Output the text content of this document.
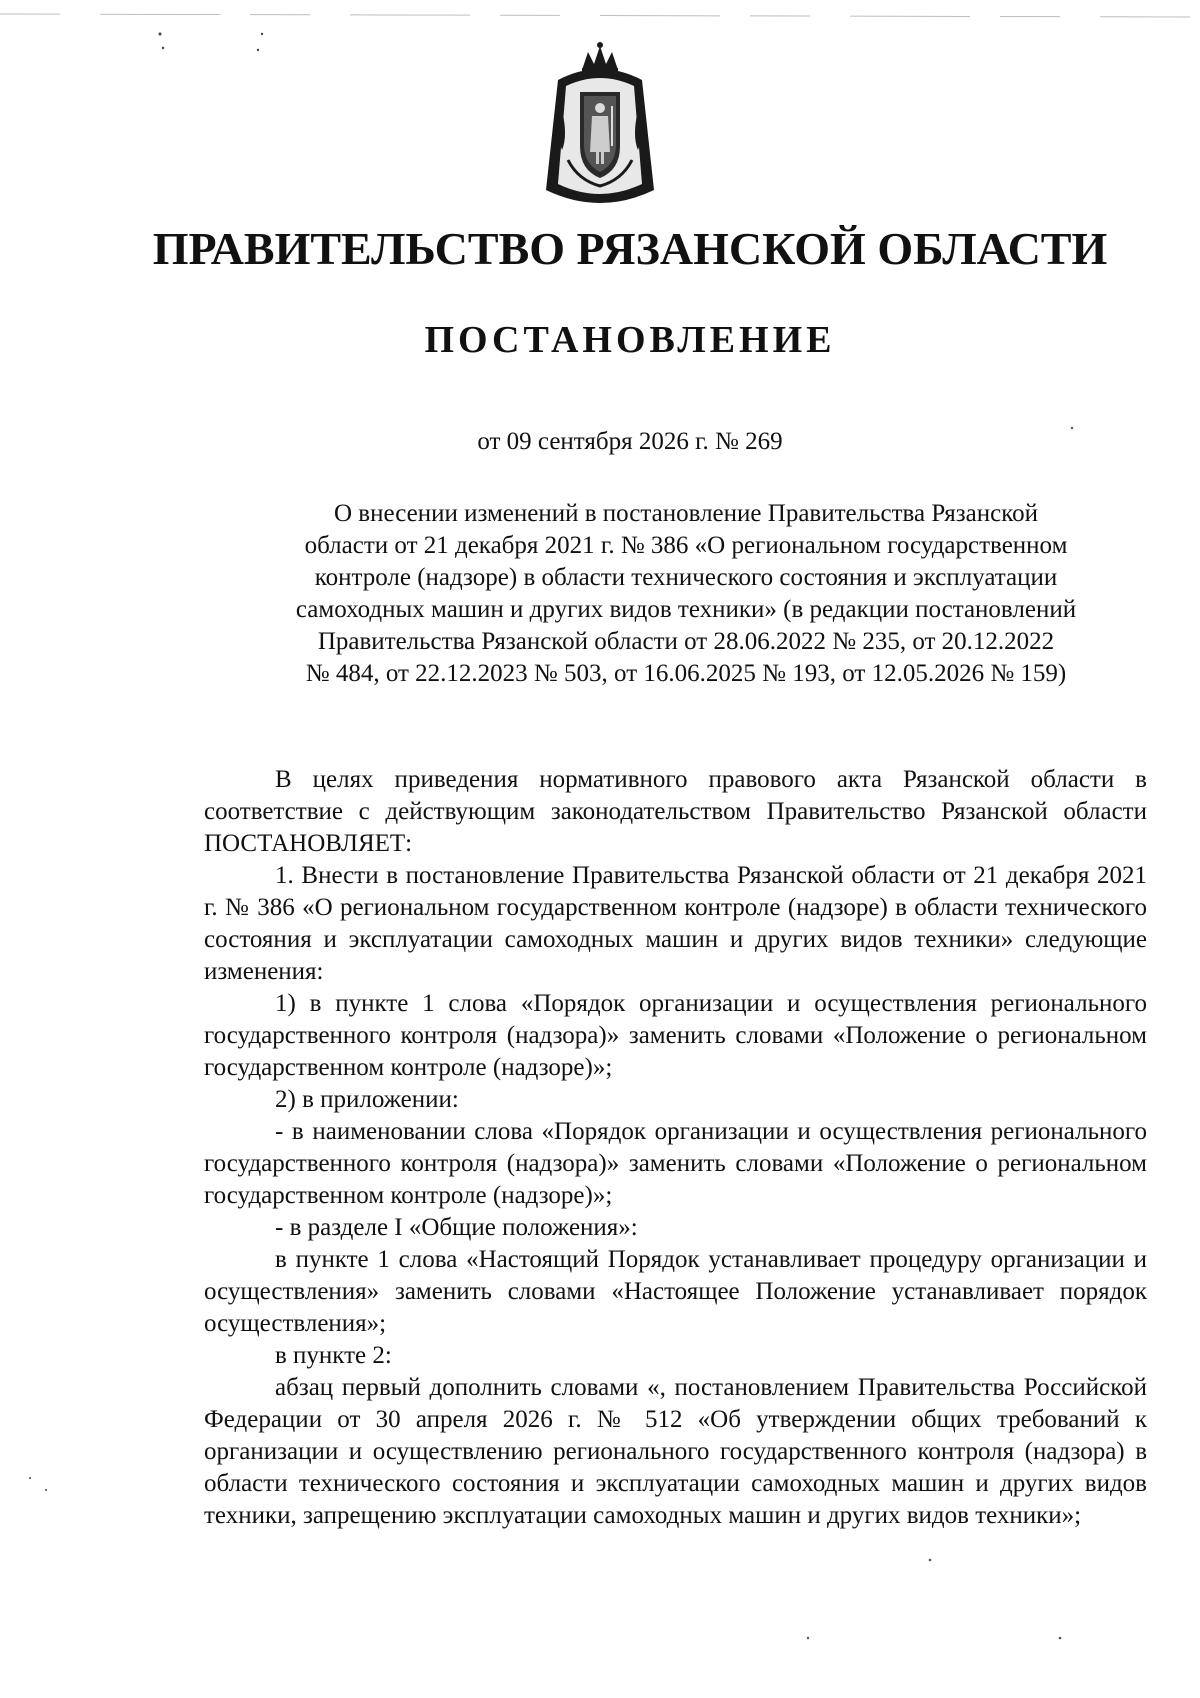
ПРАВИТЕЛЬСТВО РЯЗАНСКОЙ ОБЛАСТИ
ПОСТАНОВЛЕНИЕ
от 09 сентября 2026 г. № 269
О внесении изменений в постановление Правительства Рязанской
области от 21 декабря 2021 г. № 386 «О региональном государственном
контроле (надзоре) в области технического состояния и эксплуатации
самоходных машин и других видов техники» (в редакции постановлений
Правительства Рязанской области от 28.06.2022 № 235, от 20.12.2022
№ 484, от 22.12.2023 № 503, от 16.06.2025 № 193, от 12.05.2026 № 159)

В целях приведения нормативного правового акта Рязанской области в соответствие с действующим законодательством Правительство Рязанской области ПОСТАНОВЛЯЕТ:

1. Внести в постановление Правительства Рязанской области от 21 декабря 2021 г. № 386 «О региональном государственном контроле (надзоре) в области технического состояния и эксплуатации самоходных машин и других видов техники» следующие изменения:

1) в пункте 1 слова «Порядок организации и осуществления регионального государственного контроля (надзора)» заменить словами «Положение о региональном государственном контроле (надзоре)»;

2) в приложении:

- в наименовании слова «Порядок организации и осуществления регионального государственного контроля (надзора)» заменить словами «Положение о региональном государственном контроле (надзоре)»;

- в разделе I «Общие положения»:

в пункте 1 слова «Настоящий Порядок устанавливает процедуру организации и осуществления» заменить словами «Настоящее Положение устанавливает порядок осуществления»;

в пункте 2:

абзац первый дополнить словами «, постановлением Правительства Российской Федерации от 30 апреля 2026 г. № 512 «Об утверждении общих требований к организации и осуществлению регионального государственного контроля (надзора) в области технического состояния и эксплуатации самоходных машин и других видов техники, запрещению эксплуатации самоходных машин и других видов техники»;
